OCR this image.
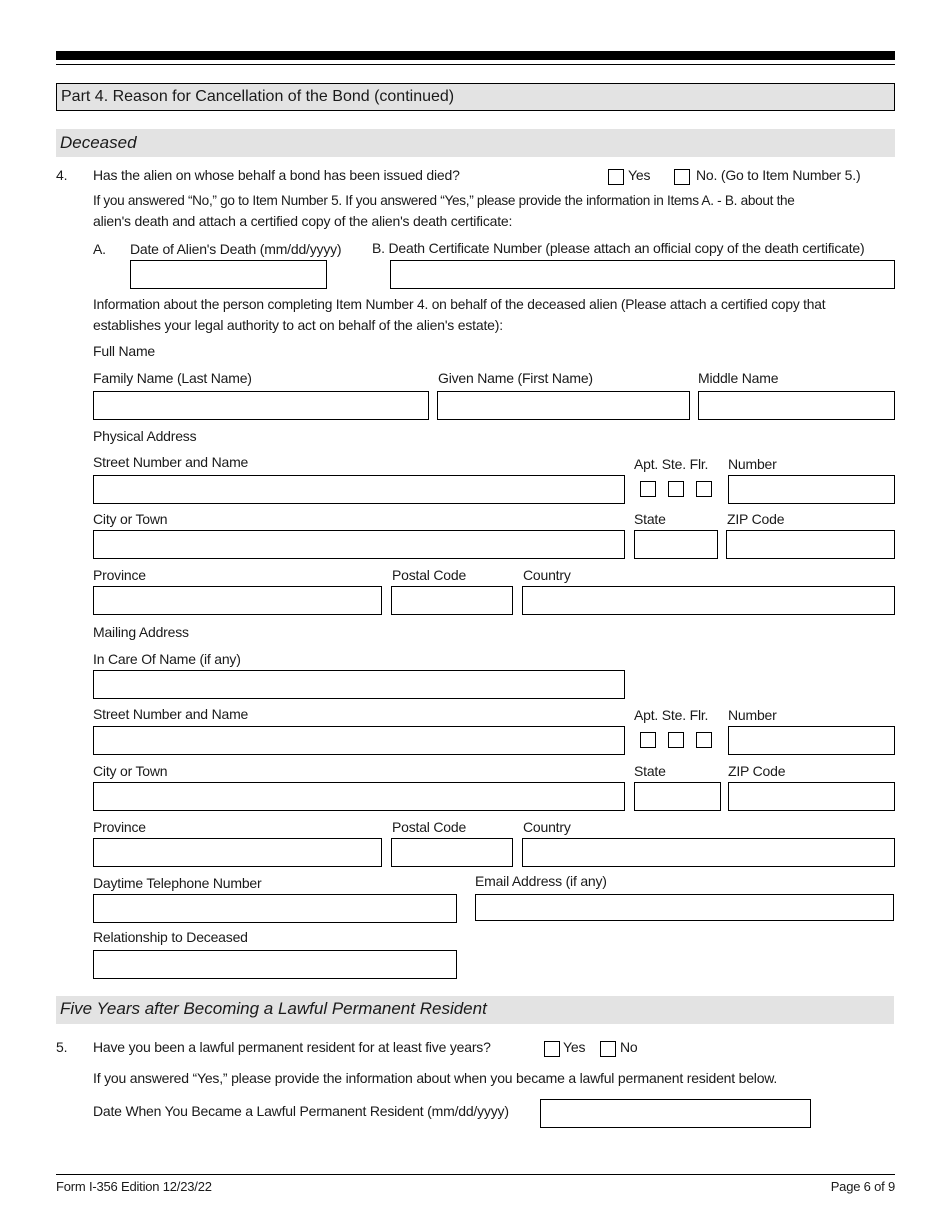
Part 4. Reason for Cancellation of the Bond (continued)
Deceased
4. Has the alien on whose behalf a bond has been issued died?	Yes	No. (Go to Item Number 5.)
If you answered “No,” go to Item Number 5. If you answered “Yes,” please provide the information in Items A. - B. about the
alien's death and attach a certified copy of the alien's death certificate:
A. Date of Alien's Death (mm/dd/yyyy) B. Death Certificate Number (please attach an official copy of the death certificate)
Information about the person completing Item Number 4. on behalf of the deceased alien (Please attach a certified copy that
establishes your legal authority to act on behalf of the alien's estate):
Full Name
Family Name (Last Name)	Given Name (First Name)	Middle Name
Physical Address
Street Number and Name	Apt. Ste. Flr. Number
City or Town	State	ZIP Code
Province	Postal Code	Country
Mailing Address
In Care Of Name (if any)
Street Number and Name	Apt. Ste. Flr. Number
City or Town	State	ZIP Code
Province	Postal Code	Country
Daytime Telephone Number	Email Address (if any)
Relationship to Deceased
Five Years after Becoming a Lawful Permanent Resident
5. Have you been a lawful permanent resident for at least five years?	Yes No
If you answered “Yes,” please provide the information about when you became a lawful permanent resident below.
Date When You Became a Lawful Permanent Resident (mm/dd/yyyy)
Form I-356 Edition 12/23/22	Page 6 of 9
